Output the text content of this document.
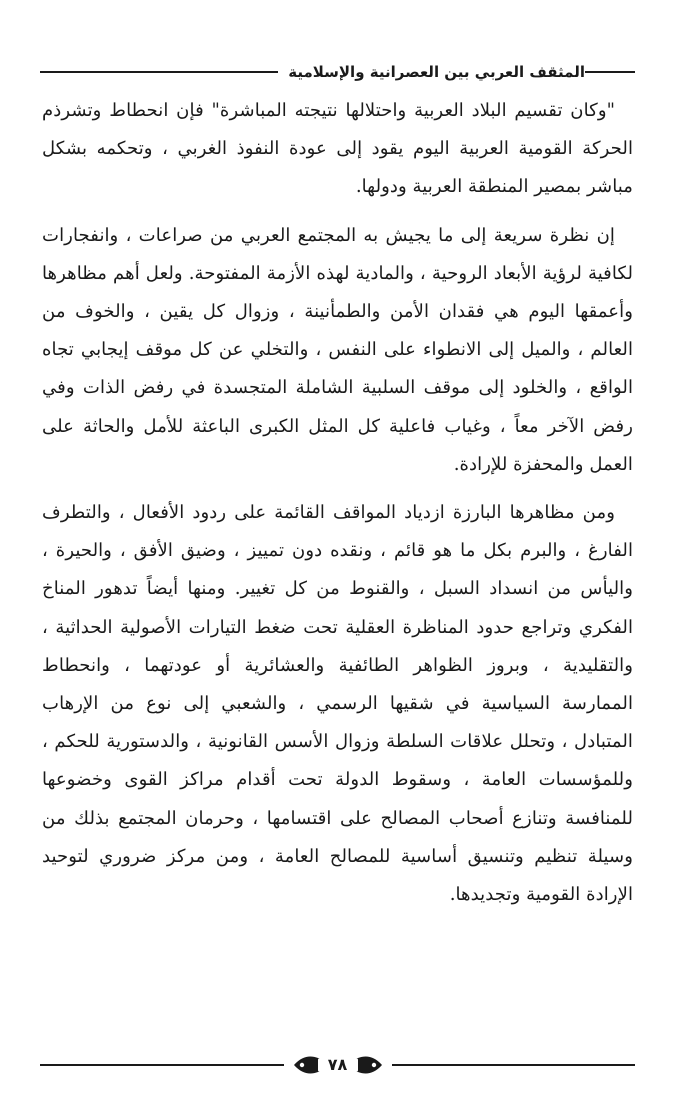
المثقف العربي بين العصرانية والإسلامية

"وكان تقسيم البلاد العربية واحتلالها نتيجته المباشرة" فإن انحطاط وتشرذم الحركة القومية العربية اليوم يقود إلى عودة النفوذ الغربي ، وتحكمه بشكل مباشر بمصير المنطقة العربية ودولها.

إن نظرة سريعة إلى ما يجيش به المجتمع العربي من صراعات ، وانفجارات لكافية لرؤية الأبعاد الروحية ، والمادية لهذه الأزمة المفتوحة. ولعل أهم مظاهرها وأعمقها اليوم هي فقدان الأمن والطمأنينة ، وزوال كل يقين ، والخوف من العالم ، والميل إلى الانطواء على النفس ، والتخلي عن كل موقف إيجابي تجاه الواقع ، والخلود إلى موقف السلبية الشاملة المتجسدة في رفض الذات وفي رفض الآخر معاً ، وغياب فاعلية كل المثل الكبرى الباعثة للأمل والحاثة على العمل والمحفزة للإرادة.

ومن مظاهرها البارزة ازدياد المواقف القائمة على ردود الأفعال ، والتطرف الفارغ ، والبرم بكل ما هو قائم ، ونقده دون تمييز ، وضيق الأفق ، والحيرة ، واليأس من انسداد السبل ، والقنوط من كل تغيير. ومنها أيضاً تدهور المناخ الفكري وتراجع حدود المناظرة العقلية تحت ضغط التيارات الأصولية الحداثية ، والتقليدية ، وبروز الظواهر الطائفية والعشائرية أو عودتهما ، وانحطاط الممارسة السياسية في شقيها الرسمي ، والشعبي إلى نوع من الإرهاب المتبادل ، وتحلل علاقات السلطة وزوال الأسس القانونية ، والدستورية للحكم ، وللمؤسسات العامة ، وسقوط الدولة تحت أقدام مراكز القوى وخضوعها للمنافسة وتنازع أصحاب المصالح على اقتسامها ، وحرمان المجتمع بذلك من وسيلة تنظيم وتنسيق أساسية للمصالح العامة ، ومن مركز ضروري لتوحيد الإرادة القومية وتجديدها.

٧٨
